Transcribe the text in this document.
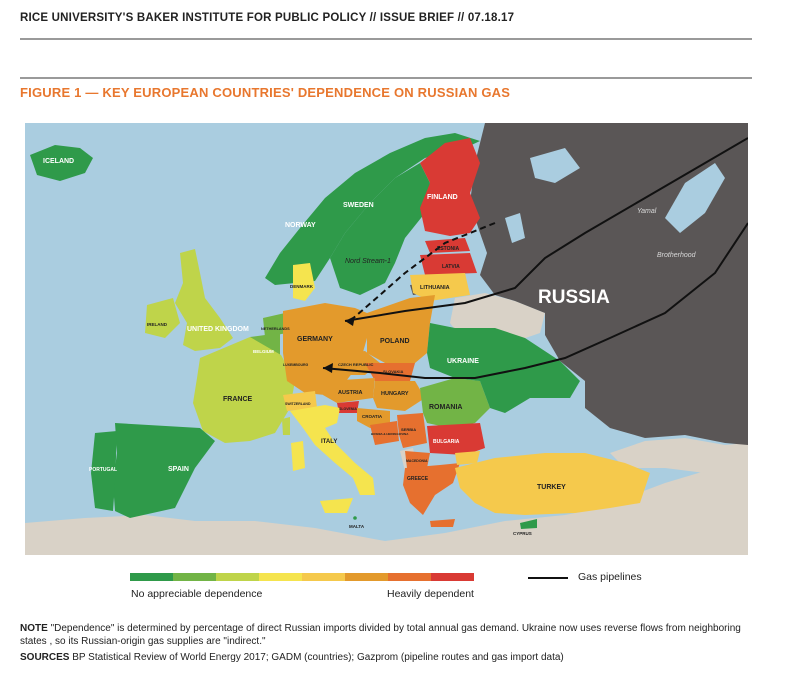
RICE UNIVERSITY'S BAKER INSTITUTE FOR PUBLIC POLICY // ISSUE BRIEF // 07.18.17
FIGURE 1 — KEY EUROPEAN COUNTRIES' DEPENDENCE ON RUSSIAN GAS
ICELAND
NORWAY
SWEDEN
FINLAND
ESTONIA
LATVIA
LITHUANIA
DENMARK
UNITED KINGDOM
IRELAND
NETHERLANDS
BELGIUM
LUXEMBOURG
GERMANY	POLAND
CZECH REPUBLIC
SLOVAKIA
AUSTRIA	HUNGARY
SWITZERLAND
SLOVENIA
CROATIA
BOSNIA & HERZEGOVINA
SERBIA
ROMANIA
BULGARIA
MACEDONIA
GREECE
FRANCE
SPAIN
PORTUGAL
ITALY
UKRAINE
TURKEY
CYPRUS
MALTA
RUSSIA
Yamal
Brotherhood
Nord Stream-1
No appreciable dependence	Heavily dependent
Gas pipelines
NOTE "Dependence" is determined by percentage of direct Russian imports divided by total annual gas demand. Ukraine now uses reverse flows from neighboring states , so its Russian-origin gas supplies are "indirect."
SOURCES BP Statistical Review of World Energy 2017; GADM (countries); Gazprom (pipeline routes and gas import data)
